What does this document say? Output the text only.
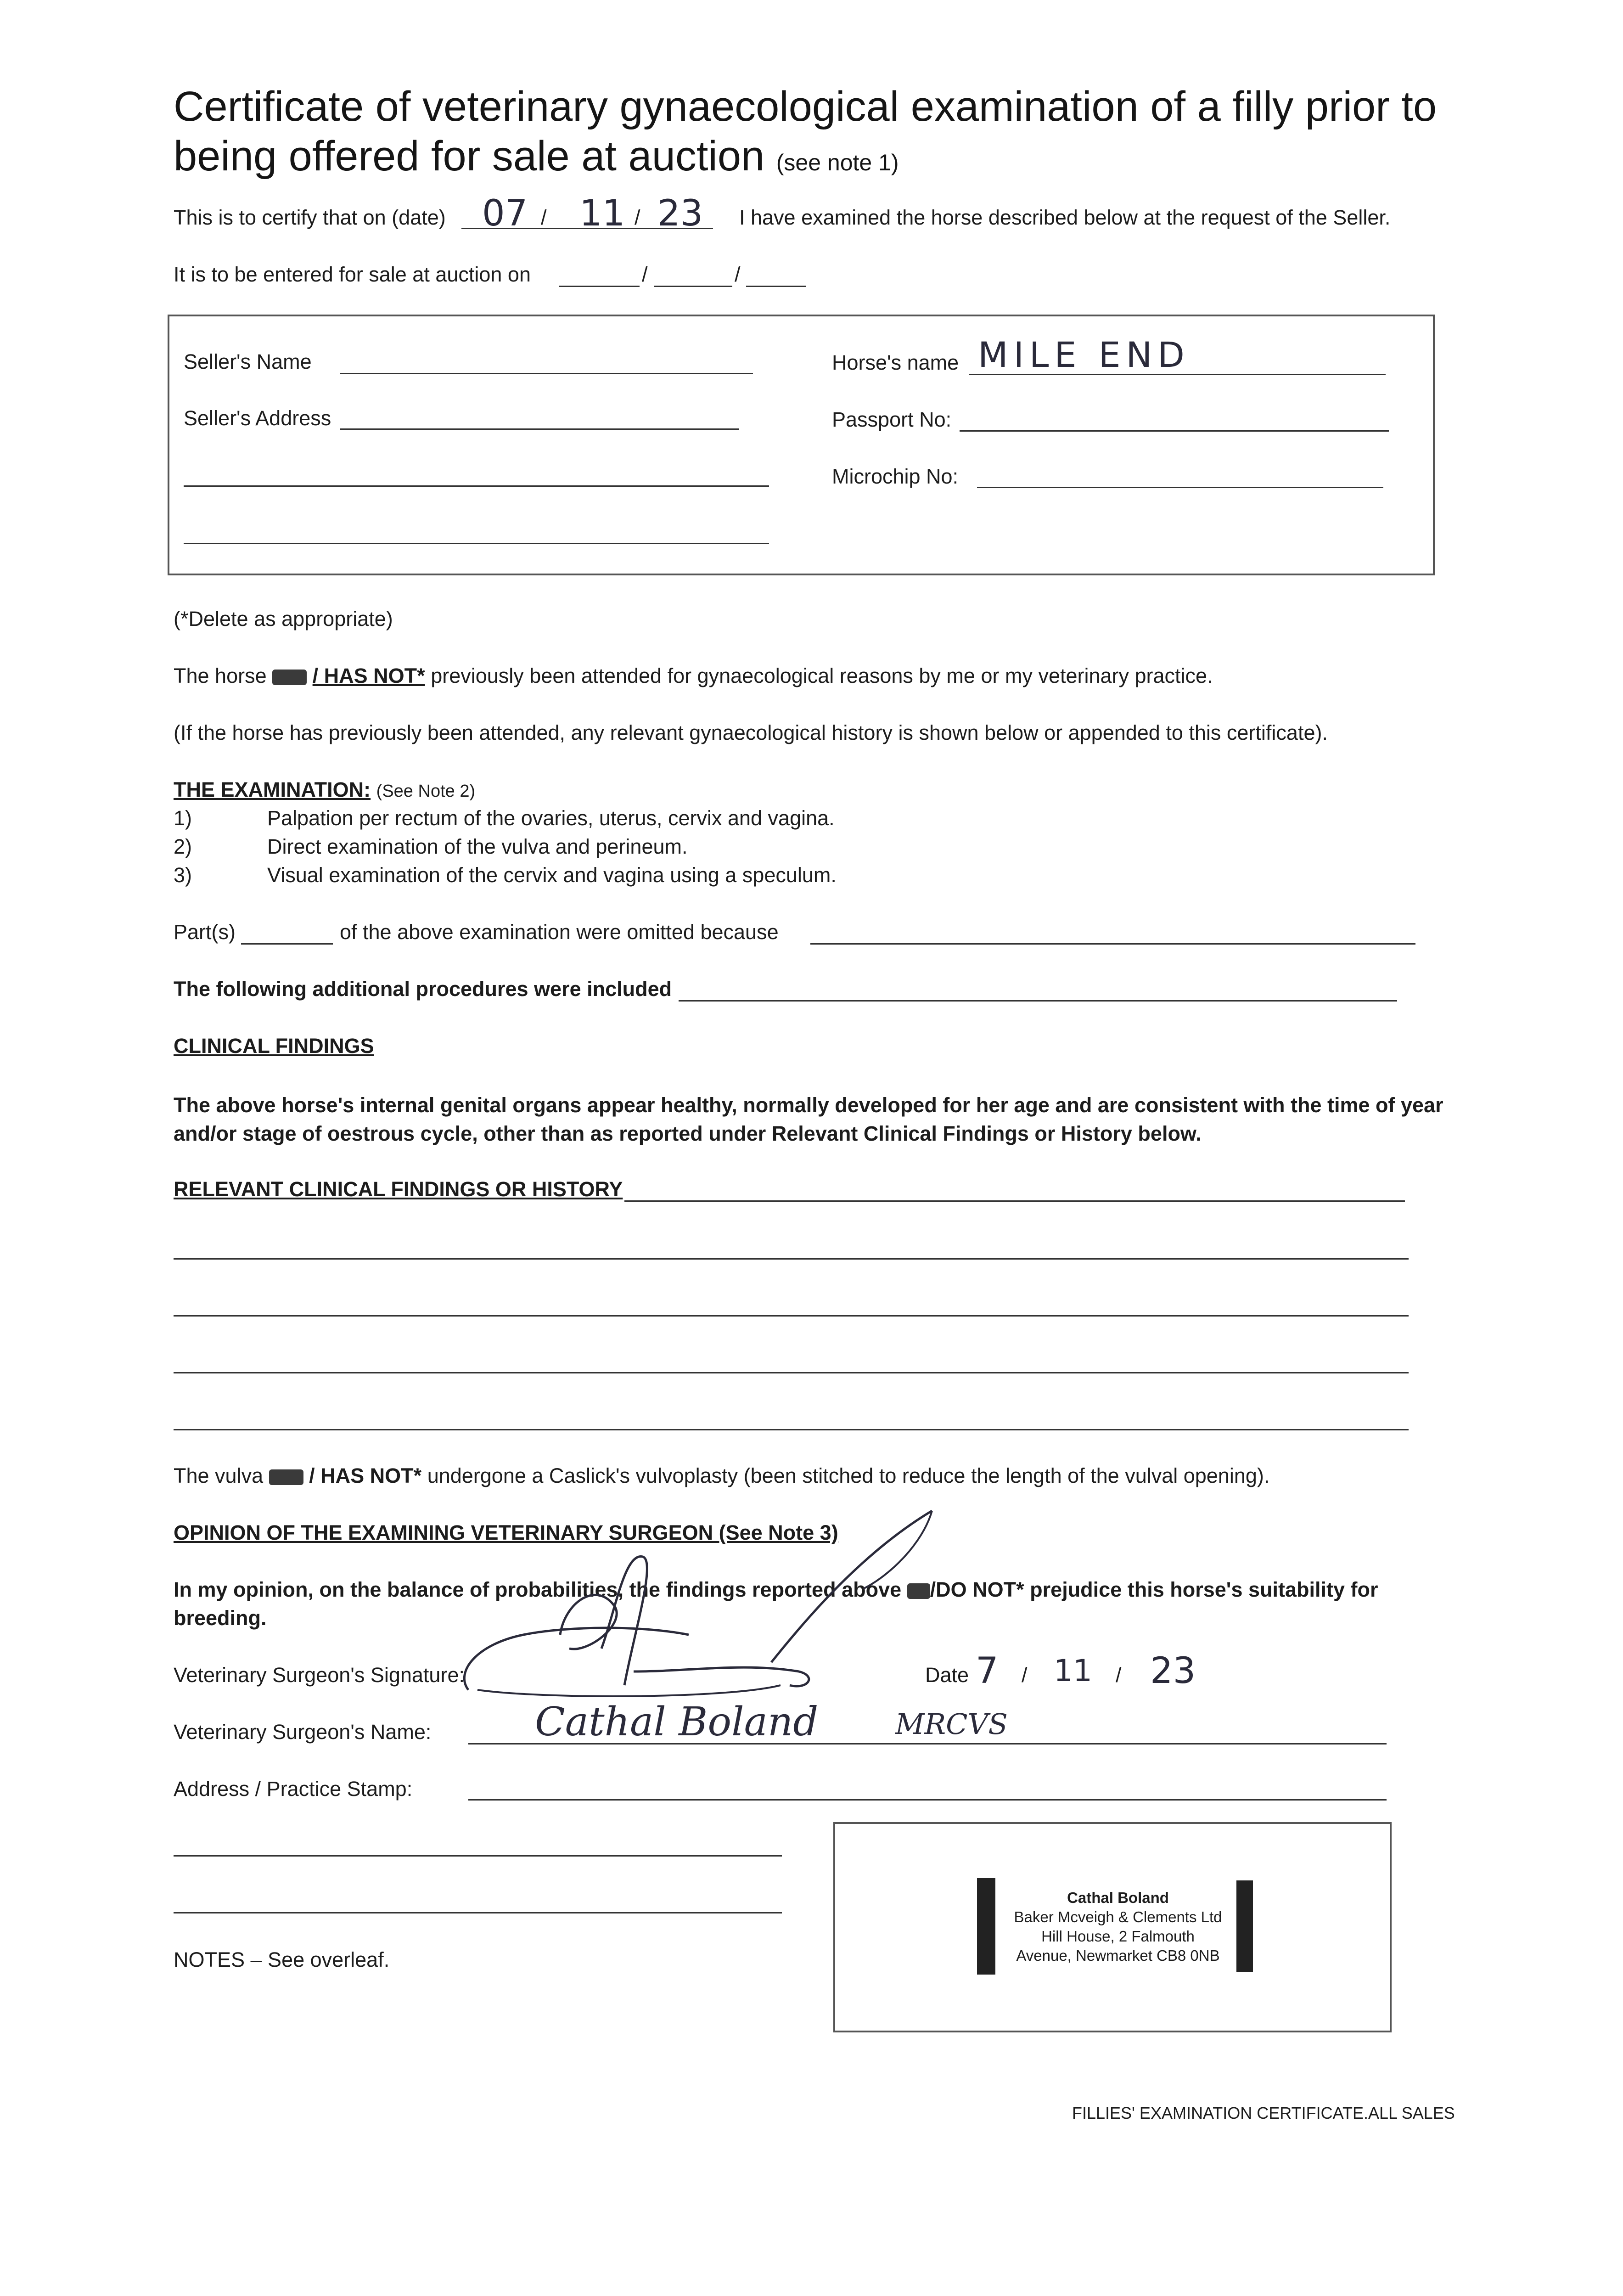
Certificate of veterinary gynaecological examination of a filly prior to being offered for sale at auction (see note 1)
This is to certify that on (date) 07 / 11 / 23 I have examined the horse described below at the request of the Seller.
It is to be entered for sale at auction on	/	/
Seller's Name
Seller's Address
Horse's name MILE END
Passport No:
Microchip No:
(*Delete as appropriate)
The horse / HAS NOT* previously been attended for gynaecological reasons by me or my veterinary practice.
(If the horse has previously been attended, any relevant gynaecological history is shown below or appended to this certificate).
THE EXAMINATION: (See Note 2)
1)	Palpation per rectum of the ovaries, uterus, cervix and vagina.
2)	Direct examination of the vulva and perineum.
3)	Visual examination of the cervix and vagina using a speculum.
Part(s)	of the above examination were omitted because
The following additional procedures were included
CLINICAL FINDINGS
The above horse's internal genital organs appear healthy, normally developed for her age and are consistent with the time of year and/or stage of oestrous cycle, other than as reported under Relevant Clinical Findings or History below.
RELEVANT CLINICAL FINDINGS OR HISTORY
The vulva / HAS NOT* undergone a Caslick's vulvoplasty (been stitched to reduce the length of the vulval opening).
OPINION OF THE EXAMINING VETERINARY SURGEON (See Note 3)
In my opinion, on the balance of probabilities, the findings reported above /DO NOT* prejudice this horse's suitability for
breeding.
Veterinary Surgeon's Signature:	Date 7 / 11 / 23
Veterinary Surgeon's Name:	Cathal Boland	MRCVS
Address / Practice Stamp:
NOTES – See overleaf.
Cathal Boland
Baker Mcveigh & Clements Ltd
Hill House, 2 Falmouth
Avenue, Newmarket CB8 0NB
FILLIES' EXAMINATION CERTIFICATE.ALL SALES
